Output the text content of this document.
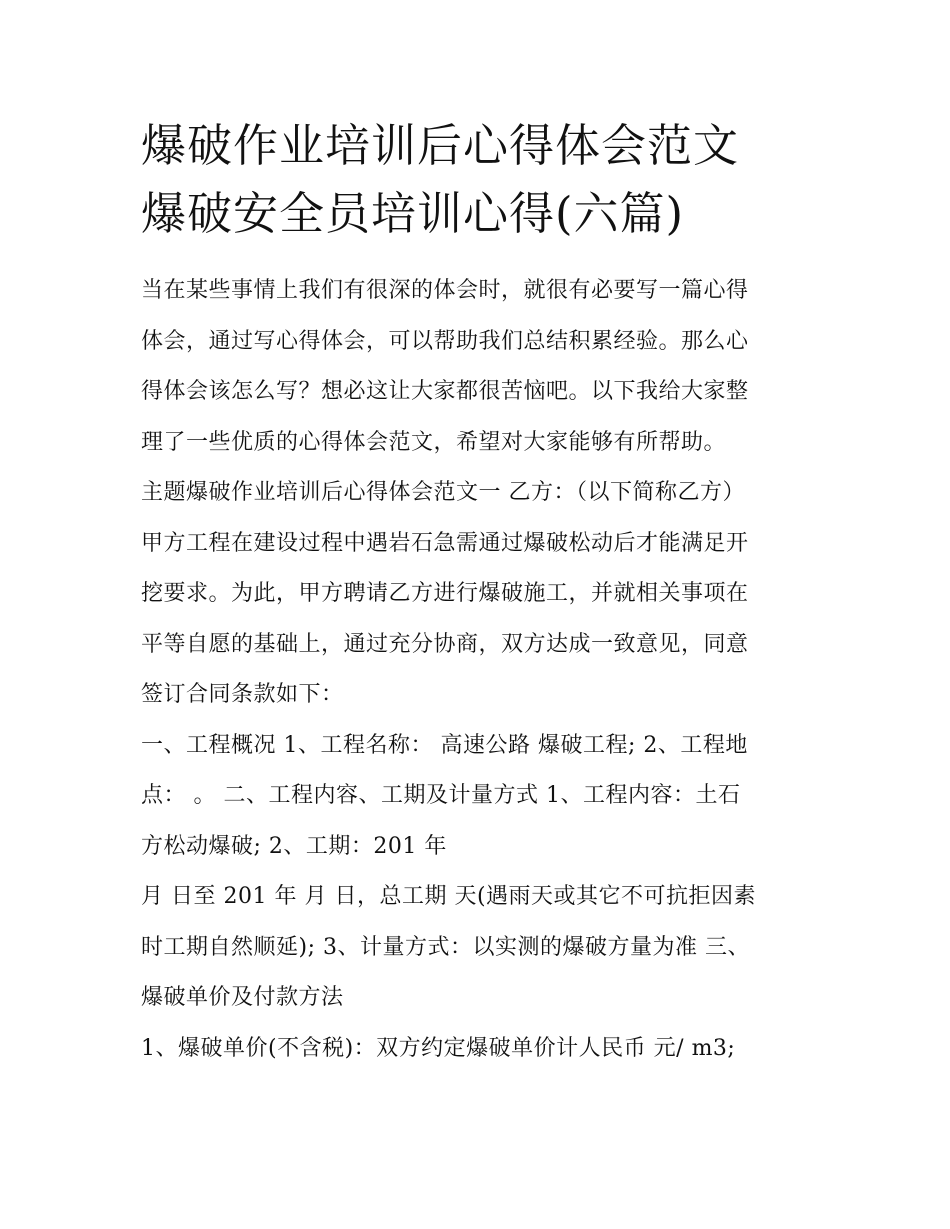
爆破作业培训后心得体会范文
爆破安全员培训心得(六篇)

当在某些事情上我们有很深的体会时，就很有必要写一篇心得
体会，通过写心得体会，可以帮助我们总结积累经验。那么心
得体会该怎么写？想必这让大家都很苦恼吧。以下我给大家整
理了一些优质的心得体会范文，希望对大家能够有所帮助。

主题爆破作业培训后心得体会范文一 乙方：（以下简称乙方）
甲方工程在建设过程中遇岩石急需通过爆破松动后才能满足开
挖要求。为此，甲方聘请乙方进行爆破施工，并就相关事项在
平等自愿的基础上，通过充分协商，双方达成一致意见，同意
签订合同条款如下：

一、工程概况 1、工程名称： 高速公路 爆破工程; 2、工程地
点： 。 二、工程内容、工期及计量方式 1、工程内容：土石
方松动爆破; 2、工期：201 年

月 日至 201 年 月 日，总工期 天(遇雨天或其它不可抗拒因素
时工期自然顺延); 3、计量方式：以实测的爆破方量为准 三、
爆破单价及付款方法

1、爆破单价(不含税)：双方约定爆破单价计人民币 元/ m3;
